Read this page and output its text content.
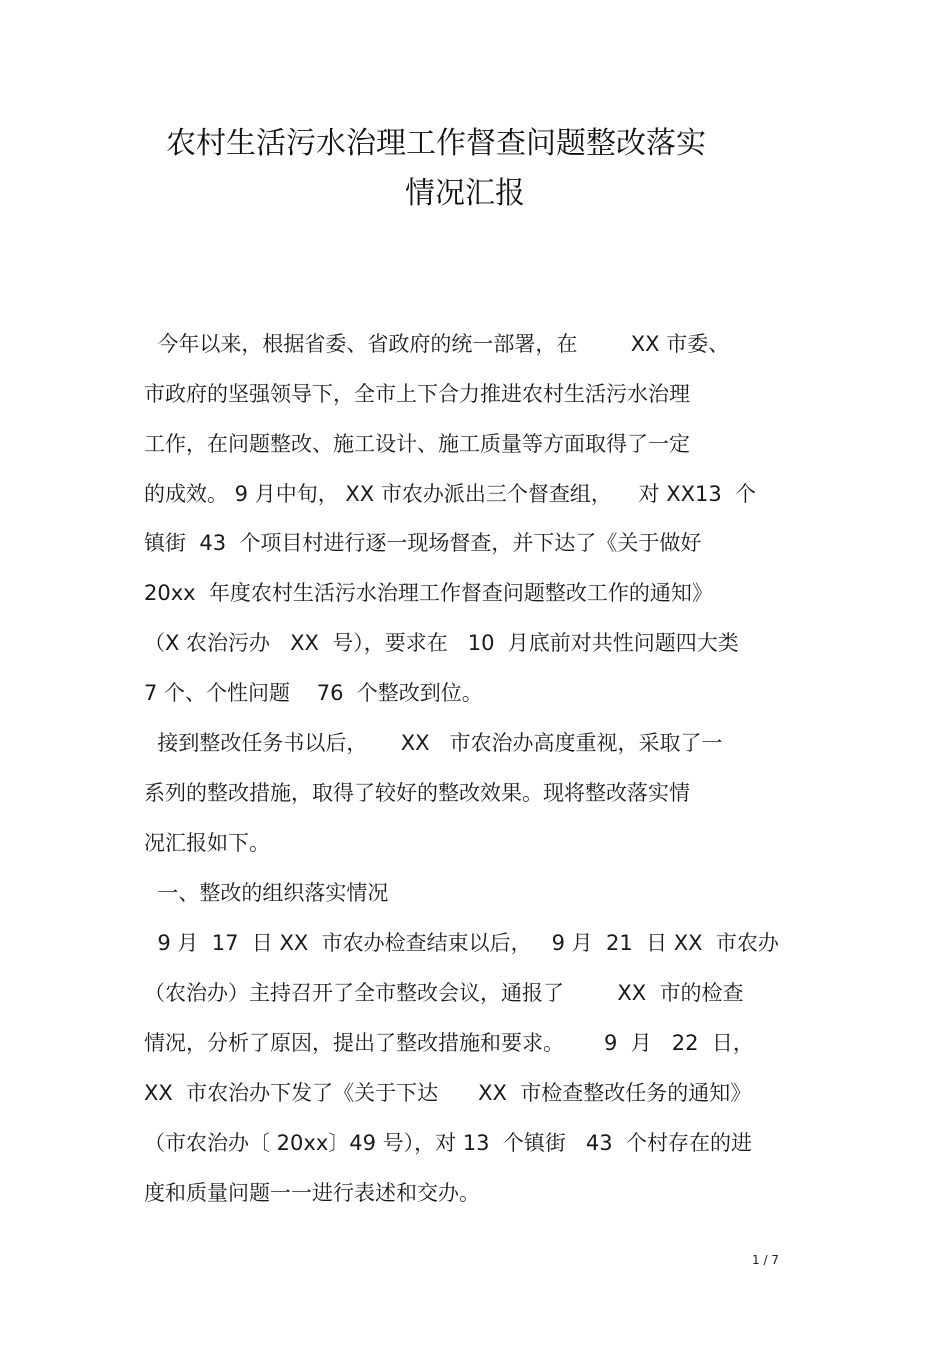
农村生活污水治理工作督查问题整改落实
情况汇报
今年以来，根据省委、省政府的统一部署，在        XX 市委、
市政府的坚强领导下，全市上下合力推进农村生活污水治理
工作，在问题整改、施工设计、施工质量等方面取得了一定
的成效。 9 月中旬， XX 市农办派出三个督查组，    对 XX13  个
镇街  43  个项目村进行逐一现场督查，并下达了《关于做好
20xx  年度农村生活污水治理工作督查问题整改工作的通知》
（X 农治污办   XX  号），要求在   10  月底前对共性问题四大类
7 个、个性问题    76  个整改到位。
接到整改任务书以后，     XX   市农治办高度重视，采取了一
系列的整改措施，取得了较好的整改效果。现将整改落实情
况汇报如下。
一、整改的组织落实情况
9 月  17  日 XX  市农办检查结束以后，   9 月  21  日 XX  市农办
（农治办）主持召开了全市整改会议，通报了        XX  市的检查
情况，分析了原因，提出了整改措施和要求。      9  月   22  日，
XX  市农治办下发了《关于下达      XX  市检查整改任务的通知》
（市农治办〔 20xx〕49 号），对 13  个镇街   43  个村存在的进
度和质量问题一一进行表述和交办。
1 / 7
